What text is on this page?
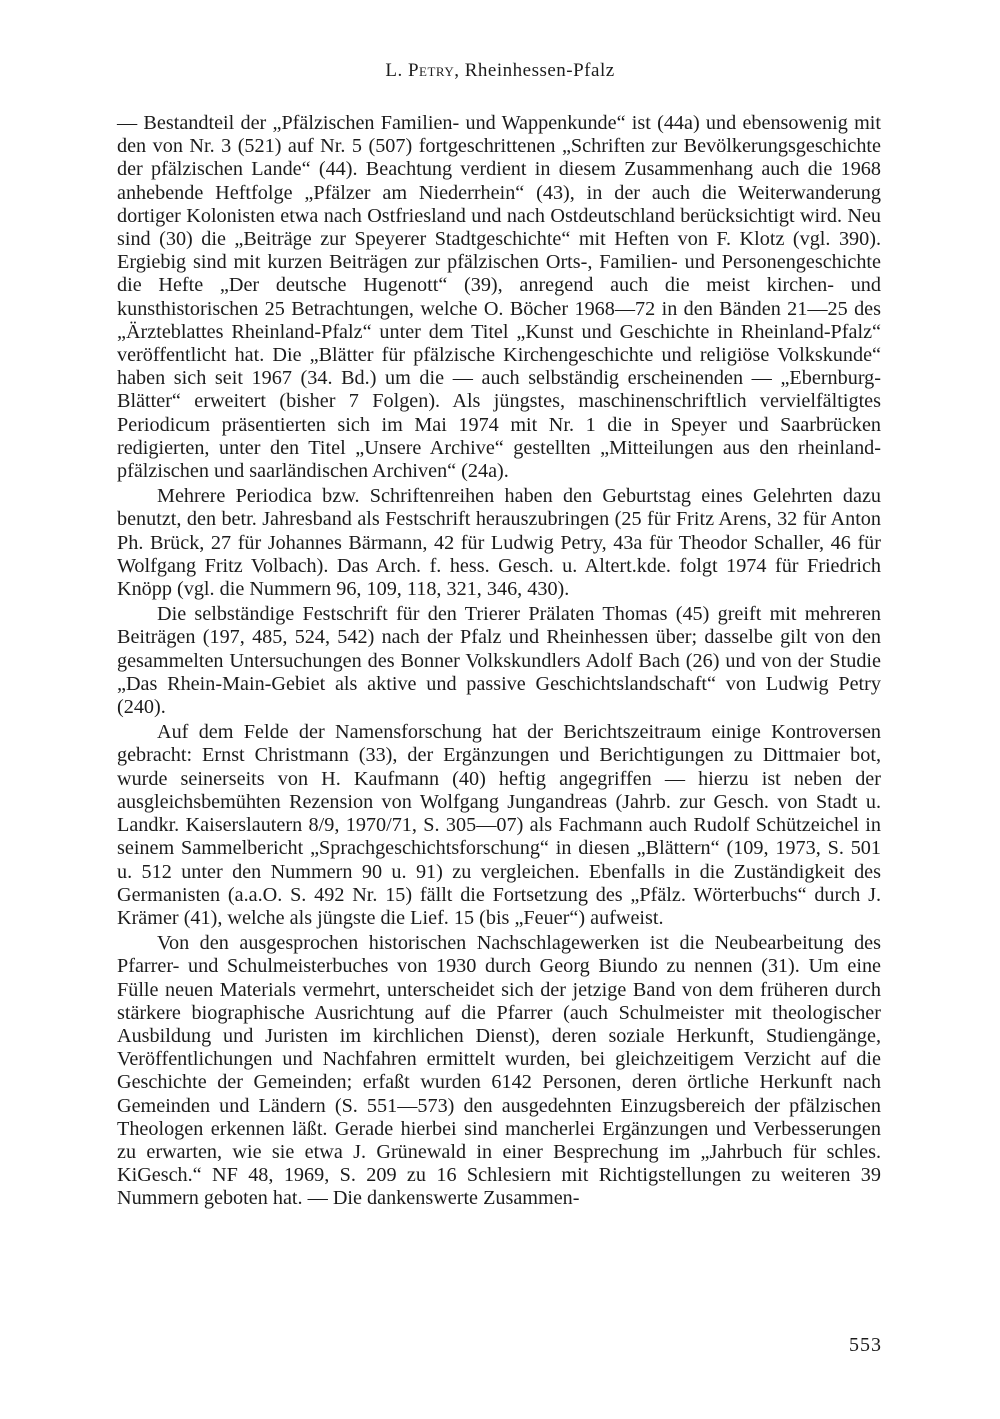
L. Petry, Rheinhessen-Pfalz

— Bestandteil der „Pfälzischen Familien- und Wappenkunde“ ist (44a) und ebensowenig mit den von Nr. 3 (521) auf Nr. 5 (507) fortgeschrittenen „Schriften zur Bevölkerungsgeschichte der pfälzischen Lande“ (44). Beachtung verdient in diesem Zusammenhang auch die 1968 anhebende Heftfolge „Pfälzer am Niederrhein“ (43), in der auch die Weiterwanderung dortiger Kolonisten etwa nach Ostfriesland und nach Ostdeutschland berücksichtigt wird. Neu sind (30) die „Beiträge zur Speyerer Stadtgeschichte“ mit Heften von F. Klotz (vgl. 390). Ergiebig sind mit kurzen Beiträgen zur pfälzischen Orts-, Familien- und Personengeschichte die Hefte „Der deutsche Hugenott“ (39), anregend auch die meist kirchen- und kunsthistorischen 25 Betrachtungen, welche O. Böcher 1968—72 in den Bänden 21—25 des „Ärzteblattes Rheinland-Pfalz“ unter dem Titel „Kunst und Geschichte in Rheinland-Pfalz“ veröffentlicht hat. Die „Blätter für pfälzische Kirchengeschichte und religiöse Volkskunde“ haben sich seit 1967 (34. Bd.) um die — auch selbständig erscheinenden — „Ebernburg-Blätter“ erweitert (bisher 7 Folgen). Als jüngstes, maschinenschriftlich vervielfältigtes Periodicum präsentierten sich im Mai 1974 mit Nr. 1 die in Speyer und Saarbrücken redigierten, unter den Titel „Unsere Archive“ gestellten „Mitteilungen aus den rheinland-pfälzischen und saarländischen Archiven“ (24a).

Mehrere Periodica bzw. Schriftenreihen haben den Geburtstag eines Gelehrten dazu benutzt, den betr. Jahresband als Festschrift herauszubringen (25 für Fritz Arens, 32 für Anton Ph. Brück, 27 für Johannes Bärmann, 42 für Ludwig Petry, 43a für Theodor Schaller, 46 für Wolfgang Fritz Volbach). Das Arch. f. hess. Gesch. u. Altert.kde. folgt 1974 für Friedrich Knöpp (vgl. die Nummern 96, 109, 118, 321, 346, 430).

Die selbständige Festschrift für den Trierer Prälaten Thomas (45) greift mit mehreren Beiträgen (197, 485, 524, 542) nach der Pfalz und Rheinhessen über; dasselbe gilt von den gesammelten Untersuchungen des Bonner Volkskundlers Adolf Bach (26) und von der Studie „Das Rhein-Main-Gebiet als aktive und passive Geschichtslandschaft“ von Ludwig Petry (240).

Auf dem Felde der Namensforschung hat der Berichtszeitraum einige Kontroversen gebracht: Ernst Christmann (33), der Ergänzungen und Berichtigungen zu Dittmaier bot, wurde seinerseits von H. Kaufmann (40) heftig angegriffen — hierzu ist neben der ausgleichsbemühten Rezension von Wolfgang Jungandreas (Jahrb. zur Gesch. von Stadt u. Landkr. Kaiserslautern 8/9, 1970/71, S. 305—07) als Fachmann auch Rudolf Schützeichel in seinem Sammelbericht „Sprachgeschichtsforschung“ in diesen „Blättern“ (109, 1973, S. 501 u. 512 unter den Nummern 90 u. 91) zu vergleichen. Ebenfalls in die Zuständigkeit des Germanisten (a.a.O. S. 492 Nr. 15) fällt die Fortsetzung des „Pfälz. Wörterbuchs“ durch J. Krämer (41), welche als jüngste die Lief. 15 (bis „Feuer“) aufweist.

Von den ausgesprochen historischen Nachschlagewerken ist die Neubearbeitung des Pfarrer- und Schulmeisterbuches von 1930 durch Georg Biundo zu nennen (31). Um eine Fülle neuen Materials vermehrt, unterscheidet sich der jetzige Band von dem früheren durch stärkere biographische Ausrichtung auf die Pfarrer (auch Schulmeister mit theologischer Ausbildung und Juristen im kirchlichen Dienst), deren soziale Herkunft, Studiengänge, Veröffentlichungen und Nachfahren ermittelt wurden, bei gleichzeitigem Verzicht auf die Geschichte der Gemeinden; erfaßt wurden 6142 Personen, deren örtliche Herkunft nach Gemeinden und Ländern (S. 551—573) den ausgedehnten Einzugsbereich der pfälzischen Theologen erkennen läßt. Gerade hierbei sind mancherlei Ergänzungen und Verbesserungen zu erwarten, wie sie etwa J. Grünewald in einer Besprechung im „Jahrbuch für schles. KiGesch.“ NF 48, 1969, S. 209 zu 16 Schlesiern mit Richtigstellungen zu weiteren 39 Nummern geboten hat. — Die dankenswerte Zusammen-

553
